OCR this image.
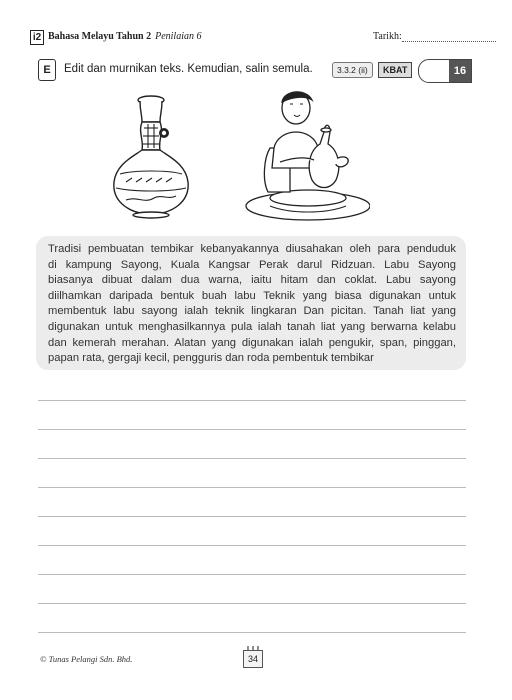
i2 Bahasa Melayu Tahun 2 Penilaian 6	Tarikh:
E	Edit dan murnikan teks. Kemudian, salin semula.	3.3.2 (ii)	KBAT	16
Tradisi pembuatan tembikar kebanyakannya diusahakan oleh para penduduk
di kampung Sayong, Kuala Kangsar Perak darul Ridzuan. Labu Sayong
biasanya dibuat dalam dua warna, iaitu hitam dan coklat. Labu sayong
diilhamkan daripada bentuk buah labu Teknik yang biasa digunakan untuk
membentuk labu sayong ialah teknik lingkaran Dan picitan. Tanah liat yang
digunakan untuk menghasilkannya pula ialah tanah liat yang berwarna kelabu
dan kemerah merahan. Alatan yang digunakan ialah pengukir, span, pinggan,
papan rata, gergaji kecil, pengguris dan roda pembentuk tembikar
© Tunas Pelangi Sdn. Bhd.	34
